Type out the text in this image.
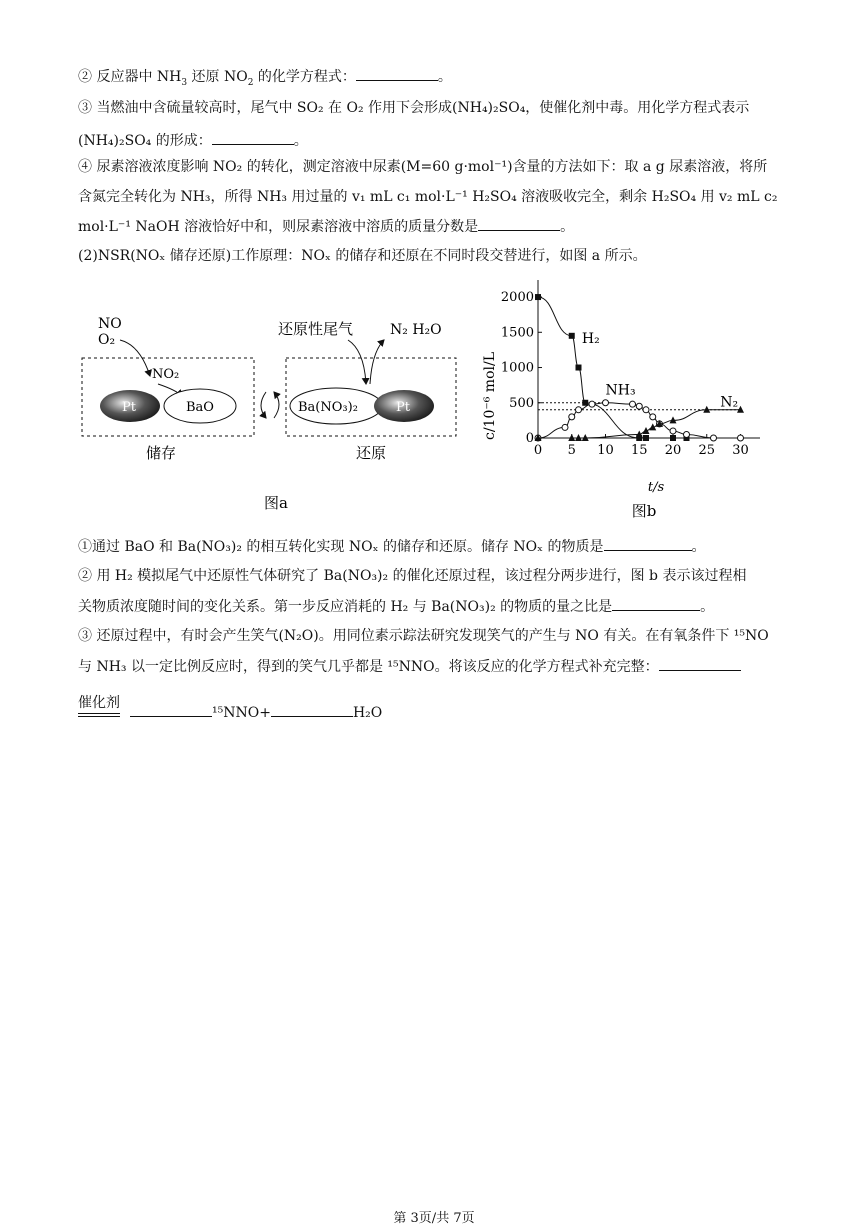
② 反应器中 $NH_3$ 还原 $NO_2$ 的化学方程式：	。
③ 当燃油中含硫量较高时，尾气中 SO₂ 在 O₂ 作用下会形成(NH₄)₂SO₄，使催化剂中毒。用化学方程式表示
(NH₄)₂SO₄ 的形成：	。
④ 尿素溶液浓度影响 NO₂ 的转化，测定溶液中尿素(M=60 g·mol⁻¹)含量的方法如下：取 a g 尿素溶液，将所
含氮完全转化为 NH₃，所得 NH₃ 用过量的 v₁ mL c₁ mol·L⁻¹ H₂SO₄ 溶液吸收完全，剩余 H₂SO₄ 用 v₂ mL c₂
mol·L⁻¹ NaOH 溶液恰好中和，则尿素溶液中溶质的质量分数是	。
(2)NSR(NOₓ 储存还原)工作原理：NOₓ 的储存和还原在不同时段交替进行，如图 a 所示。
NO
O₂
NO₂
Pt	BaO
还原性尾气	N₂ H₂O
Ba(NO₃)₂	Pt
储存	还原
图a
0 5 10 15 20 25 30
0
500
1000
1500
2000
H₂
NH₃
N₂
c/10⁻⁶ mol/L
t/s
图b
①通过 BaO 和 Ba(NO₃)₂ 的相互转化实现 NOₓ 的储存和还原。储存 NOₓ 的物质是	。
② 用 H₂ 模拟尾气中还原性气体研究了 Ba(NO₃)₂ 的催化还原过程，该过程分两步进行，图 b 表示该过程相
关物质浓度随时间的变化关系。第一步反应消耗的 H₂ 与 Ba(NO₃)₂ 的物质的量之比是	。
③ 还原过程中，有时会产生笑气(N₂O)。用同位素示踪法研究发现笑气的产生与 NO 有关。在有氧条件下 ¹⁵NO
与 NH₃ 以一定比例反应时，得到的笑气几乎都是 ¹⁵NNO。将该反应的化学方程式补充完整：
催化剂
¹⁵NNO+	H₂O
第 3页/共 7页
